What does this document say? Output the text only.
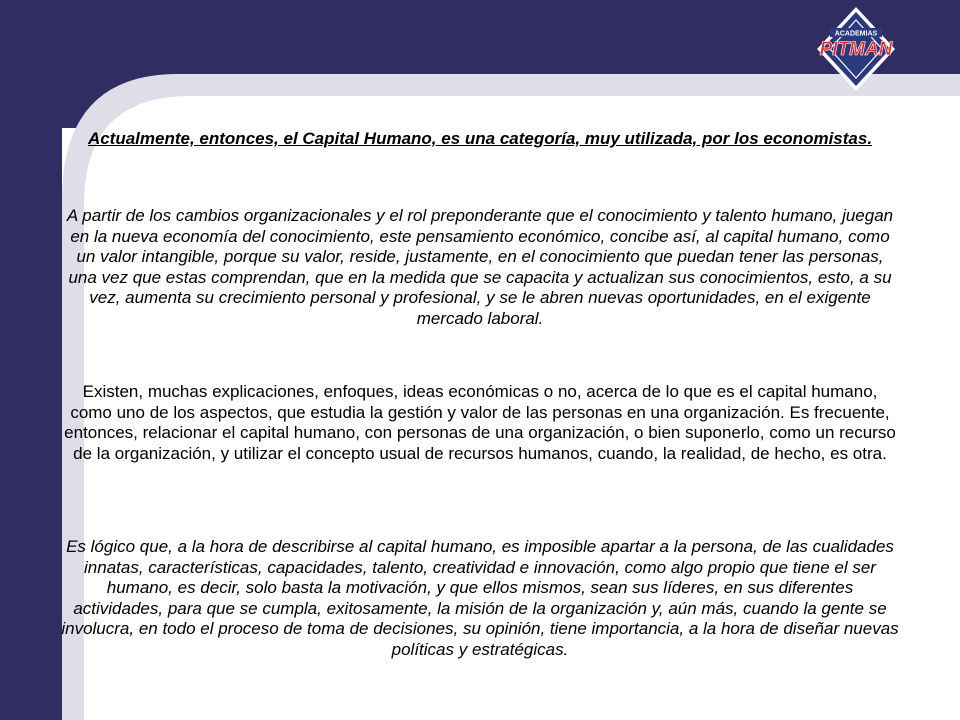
ACADEMIAS
PITMAN

Actualmente, entonces, el Capital Humano, es una categoría, muy utilizada, por los economistas.

A partir de los cambios organizacionales y el rol preponderante que el conocimiento y talento humano, juegan en la nueva economía del conocimiento, este pensamiento económico, concibe así, al capital humano, como un valor intangible, porque su valor, reside, justamente, en el conocimiento que puedan tener las personas, una vez que estas comprendan, que en la medida que se capacita y actualizan sus conocimientos, esto, a su vez, aumenta su crecimiento personal y profesional, y se le abren nuevas oportunidades, en el exigente mercado laboral.

Existen, muchas explicaciones, enfoques, ideas económicas o no, acerca de lo que es el capital humano, como uno de los aspectos, que estudia la gestión y valor de las personas en una organización. Es frecuente, entonces, relacionar el capital humano, con personas de una organización, o bien suponerlo, como un recurso de la organización, y utilizar el concepto usual de recursos humanos, cuando, la realidad, de hecho, es otra.

Es lógico que, a la hora de describirse al capital humano, es imposible apartar a la persona, de las cualidades innatas, características, capacidades, talento, creatividad e innovación, como algo propio que tiene el ser humano, es decir, solo basta la motivación, y que ellos mismos, sean sus líderes, en sus diferentes actividades, para que se cumpla, exitosamente, la misión de la organización y, aún más, cuando la gente se involucra, en todo el proceso de toma de decisiones, su opinión, tiene importancia, a la hora de diseñar nuevas políticas y estratégicas.
